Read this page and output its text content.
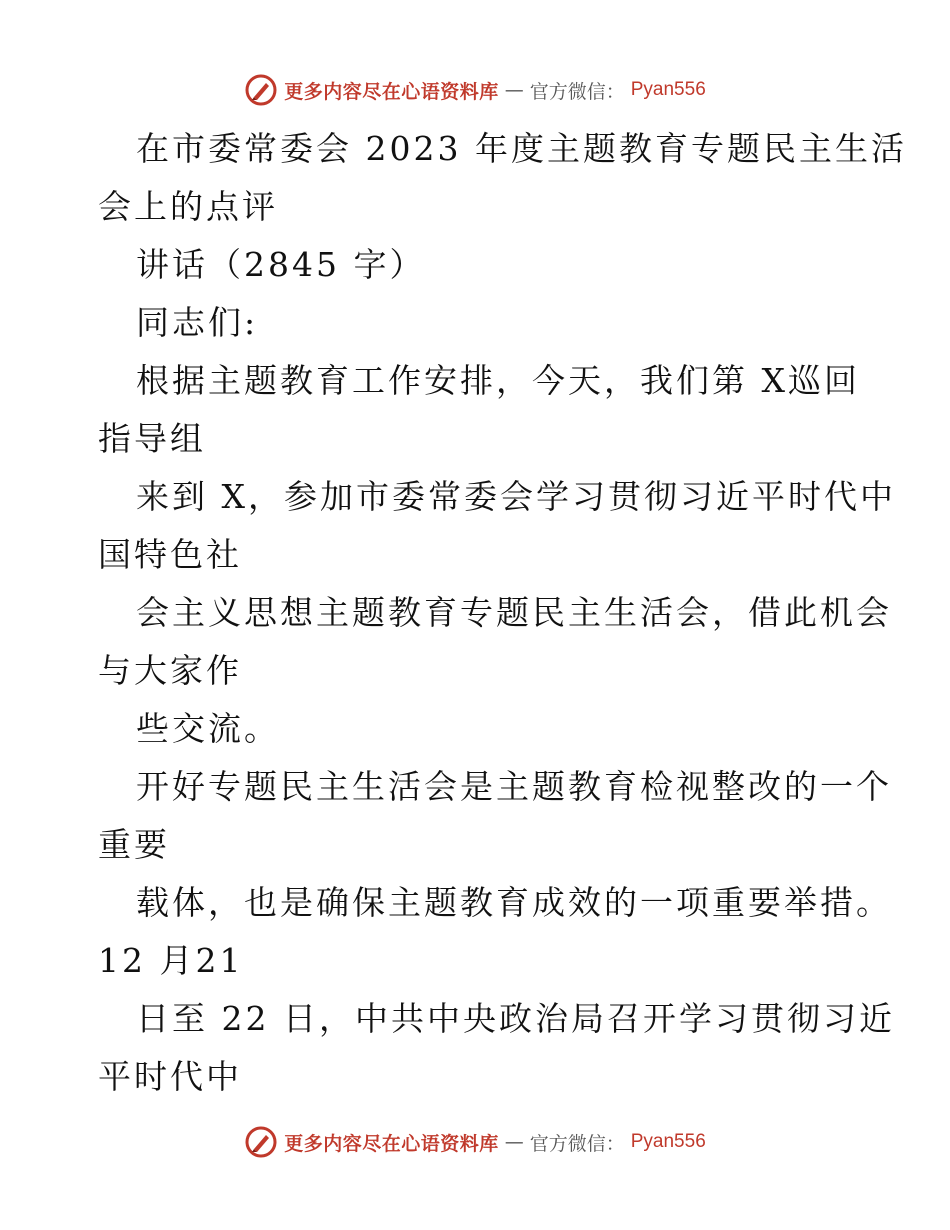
更多内容尽在心语资料库 — 官方微信： Pyan556
在市委常委会 2023 年度主题教育专题民主生活
会上的点评
讲话（2845 字）
同志们:
根据主题教育工作安排，今天，我们第 X巡回
指导组
来到 X，参加市委常委会学习贯彻习近平时代中
国特色社
会主义思想主题教育专题民主生活会，借此机会
与大家作
些交流。
开好专题民主生活会是主题教育检视整改的一个
重要
载体，也是确保主题教育成效的一项重要举措。
12 月21
日至 22 日，中共中央政治局召开学习贯彻习近
平时代中
更多内容尽在心语资料库 — 官方微信： Pyan556
